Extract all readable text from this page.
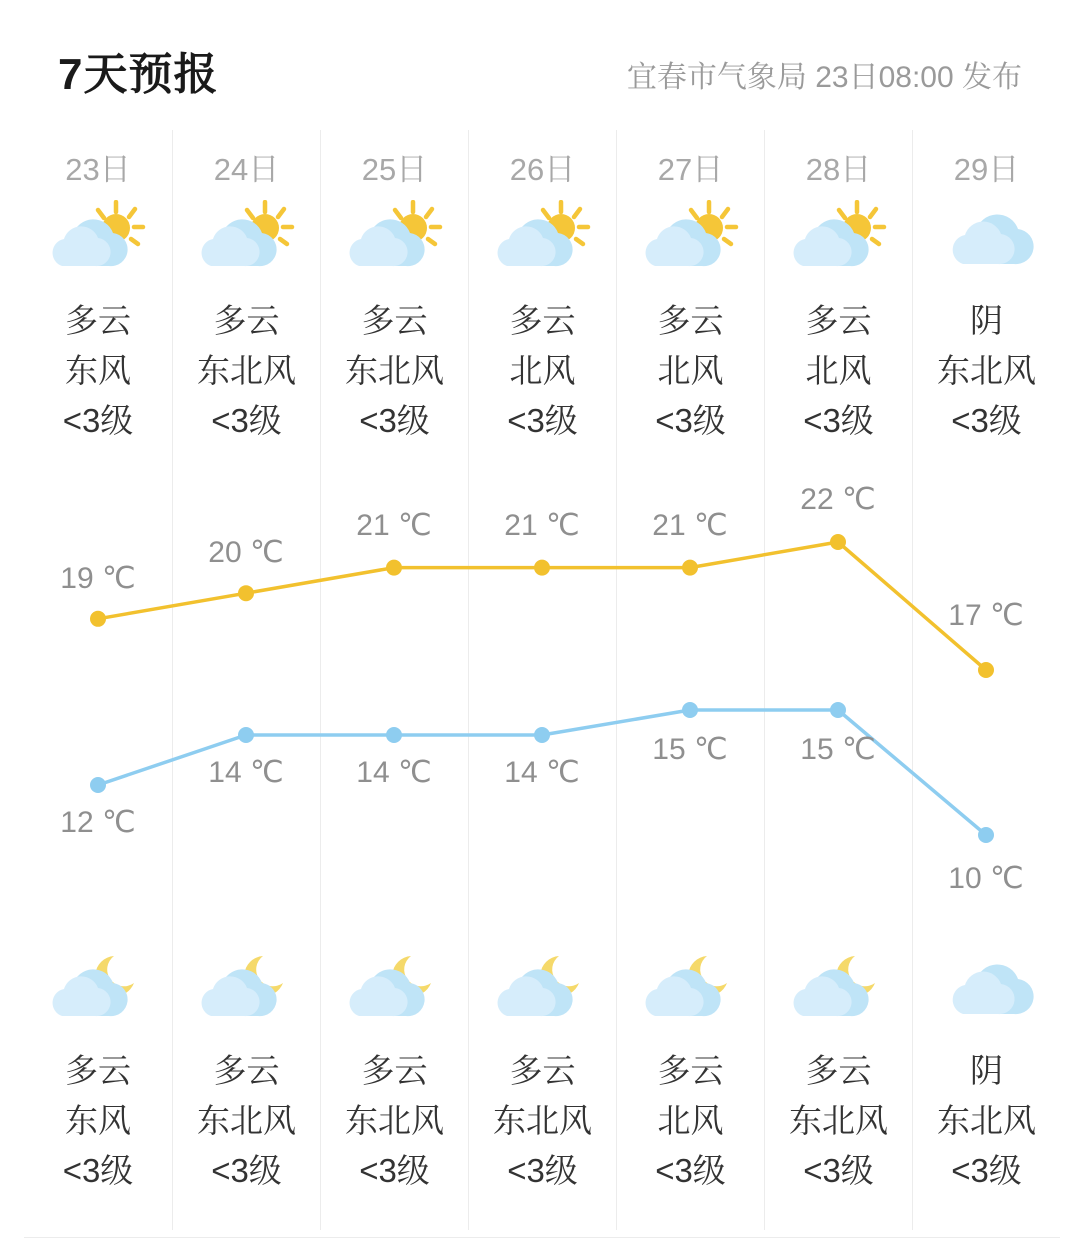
7天预报	宜春市气象局 23日08:00 发布
23日
多云
东风
<3级
多云
东风
<3级
24日
多云
东北风
<3级
多云
东北风
<3级
25日
多云
东北风
<3级
多云
东北风
<3级
26日
多云
北风
<3级
多云
东北风
<3级
27日
多云
北风
<3级
多云
北风
<3级
28日
多云
北风
<3级
多云
东北风
<3级
29日
阴
东北风
<3级
阴
东北风
<3级
19 ℃
12 ℃
20 ℃
14 ℃
21 ℃
14 ℃
21 ℃
14 ℃
21 ℃
15 ℃
22 ℃
15 ℃
17 ℃
10 ℃
